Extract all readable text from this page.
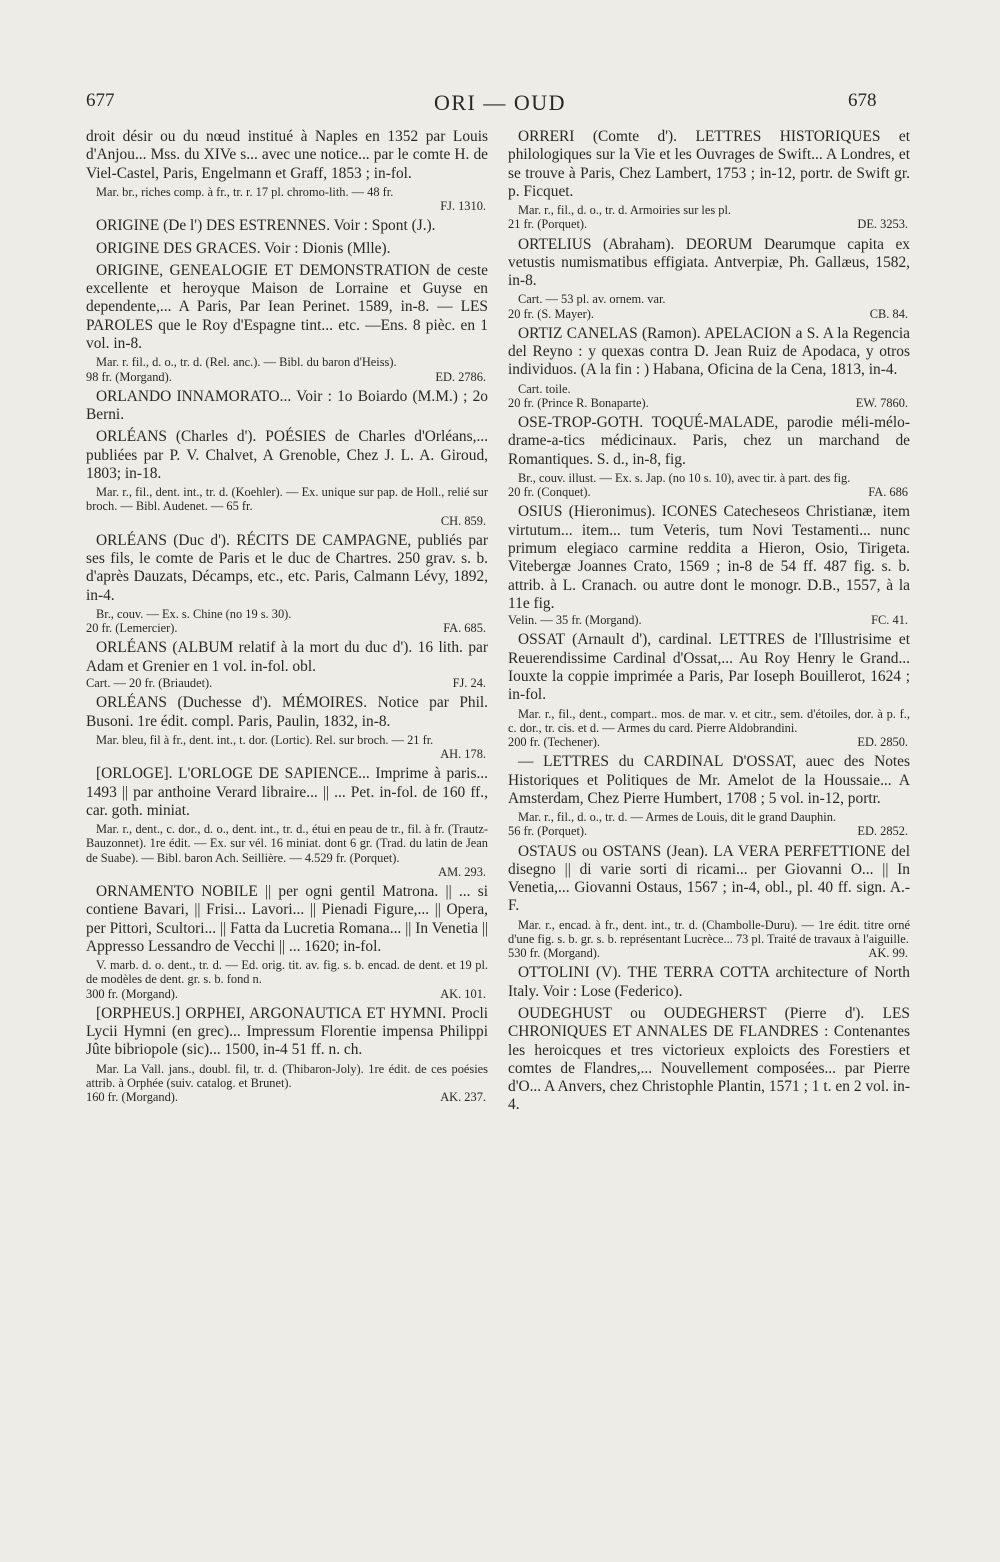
677	ORI — OUD	678

droit désir ou du nœud institué à Naples en 1352 par Louis d'Anjou... Mss. du XIVe s... avec une notice... par le comte H. de Viel-Castel, Paris, Engelmann et Graff, 1853 ; in-fol.

Mar. br., riches comp. à fr., tr. r. 17 pl. chromo-lith. — 48 fr.

FJ. 1310.

ORIGINE (De l') DES ESTRENNES. Voir : Spont (J.).

ORIGINE DES GRACES. Voir : Dionis (Mlle).

ORIGINE, GENEALOGIE ET DEMONSTRATION de ceste excellente et heroyque Maison de Lorraine et Guyse en dependente,... A Paris, Par Iean Perinet. 1589, in-8. — LES PAROLES que le Roy d'Espagne tint... etc. —Ens. 8 pièc. en 1 vol. in-8.

Mar. r. fil., d. o., tr. d. (Rel. anc.). — Bibl. du baron d'Heiss).

98 fr. (Morgand).	ED. 2786.

ORLANDO INNAMORATO... Voir : 1o Boiardo (M.M.) ; 2o Berni.

ORLÉANS (Charles d'). POÉSIES de Charles d'Orléans,... publiées par P. V. Chalvet, A Grenoble, Chez J. L. A. Giroud, 1803; in-18.

Mar. r., fil., dent. int., tr. d. (Koehler). — Ex. unique sur pap. de Holl., relié sur broch. — Bibl. Audenet. — 65 fr.

CH. 859.

ORLÉANS (Duc d'). RÉCITS DE CAMPAGNE, publiés par ses fils, le comte de Paris et le duc de Chartres. 250 grav. s. b. d'après Dauzats, Décamps, etc., etc. Paris, Calmann Lévy, 1892, in-4.

Br., couv. — Ex. s. Chine (no 19 s. 30).

20 fr. (Lemercier).	FA. 685.

ORLÉANS (ALBUM relatif à la mort du duc d'). 16 lith. par Adam et Grenier en 1 vol. in-fol. obl.

Cart. — 20 fr. (Briaudet).	FJ. 24.

ORLÉANS (Duchesse d'). MÉMOIRES. Notice par Phil. Busoni. 1re édit. compl. Paris, Paulin, 1832, in-8.

Mar. bleu, fil à fr., dent. int., t. dor. (Lortic). Rel. sur broch. — 21 fr.

AH. 178.

[ORLOGE]. L'ORLOGE DE SAPIENCE... Imprime à paris... 1493 || par anthoine Verard libraire... || ... Pet. in-fol. de 160 ff., car. goth. miniat.

Mar. r., dent., c. dor., d. o., dent. int., tr. d., étui en peau de tr., fil. à fr. (Trautz-Bauzonnet). 1re édit. — Ex. sur vél. 16 miniat. dont 6 gr. (Trad. du latin de Jean de Suabe). — Bibl. baron Ach. Seillière. — 4.529 fr. (Porquet).

AM. 293.

ORNAMENTO NOBILE || per ogni gentil Matrona. || ... si contiene Bavari, || Frisi... Lavori... || Pienadi Figure,... || Opera, per Pittori, Scultori... || Fatta da Lucretia Romana... || In Venetia || Appresso Lessandro de Vecchi || ... 1620; in-fol.

V. marb. d. o. dent., tr. d. — Ed. orig. tit. av. fig. s. b. encad. de dent. et 19 pl. de modèles de dent. gr. s. b. fond n.

300 fr. (Morgand).	AK. 101.

[ORPHEUS.] ORPHEI, ARGONAUTICA ET HYMNI. Procli Lycii Hymni (en grec)... Impressum Florentie impensa Philippi Jûte bibriopole (sic)... 1500, in-4 51 ff. n. ch.

Mar. La Vall. jans., doubl. fil, tr. d. (Thibaron-Joly). 1re édit. de ces poésies attrib. à Orphée (suiv. catalog. et Brunet).

160 fr. (Morgand).	AK. 237.

ORRERI (Comte d'). LETTRES HISTORIQUES et philologiques sur la Vie et les Ouvrages de Swift... A Londres, et se trouve à Paris, Chez Lambert, 1753 ; in-12, portr. de Swift gr. p. Ficquet.

Mar. r., fil., d. o., tr. d. Armoiries sur les pl.

21 fr. (Porquet).	DE. 3253.

ORTELIUS (Abraham). DEORUM Dearumque capita ex vetustis numismatibus effigiata. Antverpiæ, Ph. Gallæus, 1582, in-8.

Cart. — 53 pl. av. ornem. var.

20 fr. (S. Mayer).	CB. 84.

ORTIZ CANELAS (Ramon). APELACION a S. A la Regencia del Reyno : y quexas contra D. Jean Ruiz de Apodaca, y otros individuos. (A la fin : ) Habana, Oficina de la Cena, 1813, in-4.

Cart. toile.

20 fr. (Prince R. Bonaparte).	EW. 7860.

OSE-TROP-GOTH. TOQUÉ-MALADE, parodie méli-mélo-drame-a-tics médicinaux. Paris, chez un marchand de Romantiques. S. d., in-8, fig.

Br., couv. illust. — Ex. s. Jap. (no 10 s. 10), avec tir. à part. des fig.

20 fr. (Conquet).	FA. 686

OSIUS (Hieronimus). ICONES Catecheseos Christianæ, item virtutum... item... tum Veteris, tum Novi Testamenti... nunc primum elegiaco carmine reddita a Hieron, Osio, Tirigeta. Vitebergæ Joannes Crato, 1569 ; in-8 de 54 ff. 487 fig. s. b. attrib. à L. Cranach. ou autre dont le monogr. D.B., 1557, à la 11e fig.

Velin. — 35 fr. (Morgand).	FC. 41.

OSSAT (Arnault d'), cardinal. LETTRES de l'Illustrisime et Reuerendissime Cardinal d'Ossat,... Au Roy Henry le Grand... Iouxte la coppie imprimée a Paris, Par Ioseph Bouillerot, 1624 ; in-fol.

Mar. r., fil., dent., compart.. mos. de mar. v. et citr., sem. d'étoiles, dor. à p. f., c. dor., tr. cis. et d. — Armes du card. Pierre Aldobrandini.

200 fr. (Techener).	ED. 2850.

— LETTRES du CARDINAL D'OSSAT, auec des Notes Historiques et Politiques de Mr. Amelot de la Houssaie... A Amsterdam, Chez Pierre Humbert, 1708 ; 5 vol. in-12, portr.

Mar. r., fil., d. o., tr. d. — Armes de Louis, dit le grand Dauphin.

56 fr. (Porquet).	ED. 2852.

OSTAUS ou OSTANS (Jean). LA VERA PERFETTIONE del disegno || di varie sorti di ricami... per Giovanni O... || In Venetia,... Giovanni Ostaus, 1567 ; in-4, obl., pl. 40 ff. sign. A.-F.

Mar. r., encad. à fr., dent. int., tr. d. (Chambolle-Duru). — 1re édit. titre orné d'une fig. s. b. gr. s. b. représentant Lucrèce... 73 pl. Traité de travaux à l'aiguille.

530 fr. (Morgand).	AK. 99.

OTTOLINI (V). THE TERRA COTTA architecture of North Italy. Voir : Lose (Federico).

OUDEGHUST ou OUDEGHERST (Pierre d'). LES CHRONIQUES ET ANNALES DE FLANDRES : Contenantes les heroicques et tres victorieux exploicts des Forestiers et comtes de Flandres,... Nouvellement composées... par Pierre d'O... A Anvers, chez Christophle Plantin, 1571 ; 1 t. en 2 vol. in-4.
